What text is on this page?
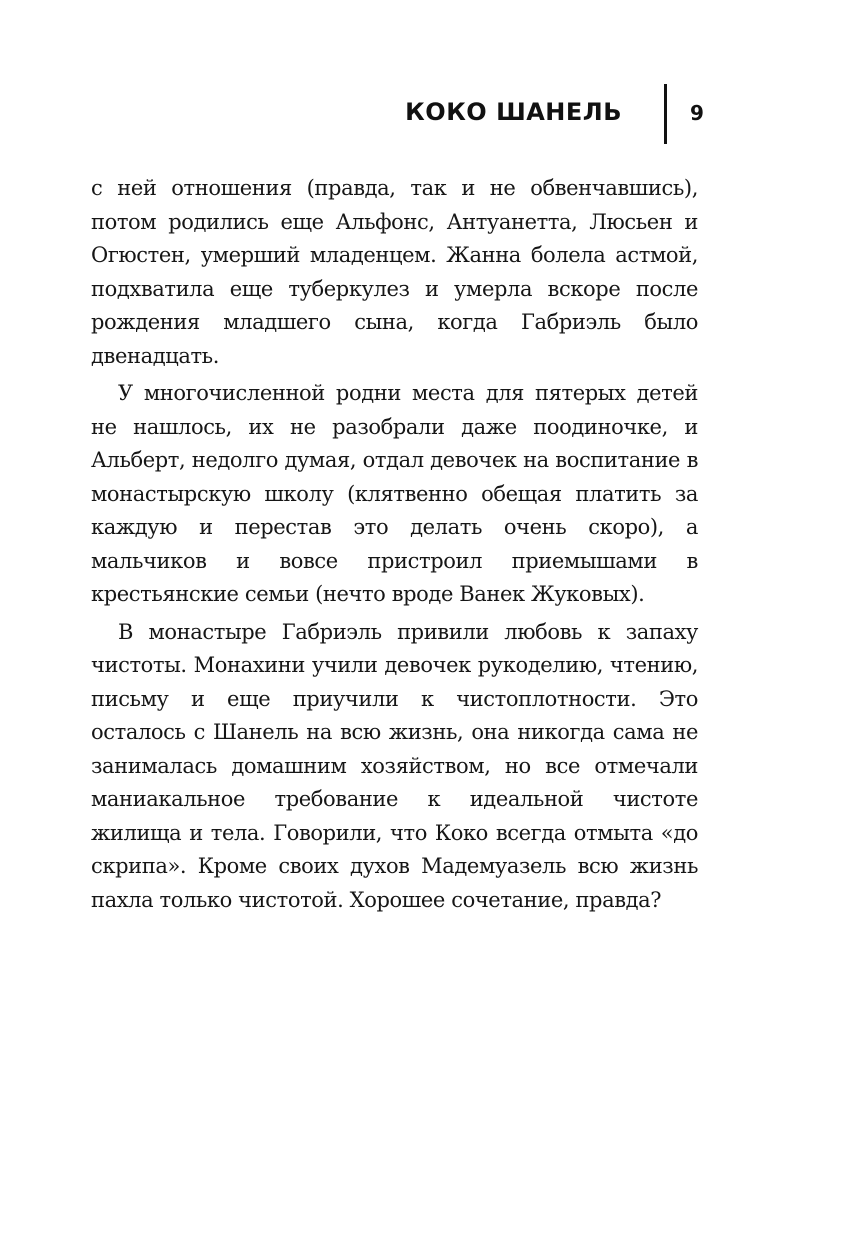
КОКО ШАНЕЛЬ	9

с ней отношения (правда, так и не обвенчавшись), потом родились еще Альфонс, Антуанетта, Люсьен и Огюстен, умерший младенцем. Жанна болела астмой, подхватила еще туберкулез и умерла вскоре после рождения младшего сына, когда Габриэль было двенадцать.

У многочисленной родни места для пятерых детей не нашлось, их не разобрали даже поодиночке, и Альберт, недолго думая, отдал девочек на воспитание в монастырскую школу (клятвенно обещая платить за каждую и перестав это делать очень скоро), а мальчиков и вовсе пристроил приемышами в крестьянские семьи (нечто вроде Ванек Жуковых).

В монастыре Габриэль привили любовь к запаху чистоты. Монахини учили девочек рукоделию, чтению, письму и еще приучили к чистоплотности. Это осталось с Шанель на всю жизнь, она никогда сама не занималась домашним хозяйством, но все отмечали маниакальное требование к идеальной чистоте жилища и тела. Говорили, что Коко всегда отмыта «до скрипа». Кроме своих духов Мадемуазель всю жизнь пахла только чистотой. Хорошее сочетание, правда?
